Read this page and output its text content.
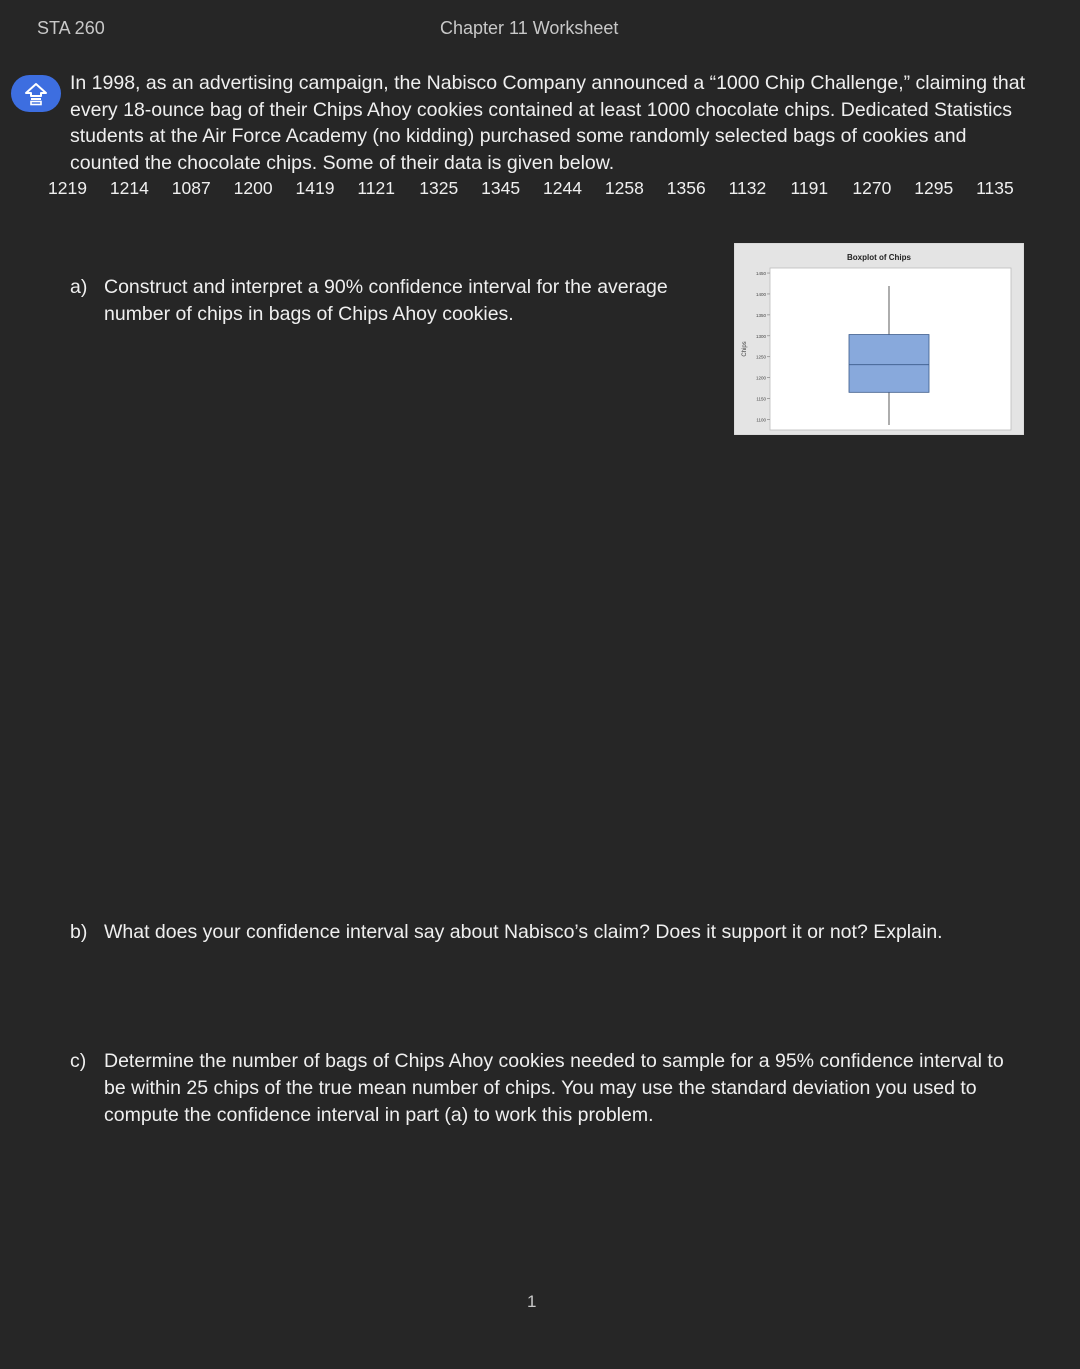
STA 260	Chapter 11 Worksheet
In 1998, as an advertising campaign, the Nabisco Company announced a “1000 Chip Challenge,” claiming that every 18-ounce bag of their Chips Ahoy cookies contained at least 1000 chocolate chips. Dedicated Statistics students at the Air Force Academy (no kidding) purchased some randomly selected bags of cookies and counted the chocolate chips. Some of their data is given below.
1219	1214	1087	1200	1419	1121	1325	1345	1244	1258	1356	1132	1191	1270	1295	1135
Boxplot of Chips
1450
1400
1350
1300
1250
1200
1150
1100
Chips
a) Construct and interpret a 90% confidence interval for the average number of chips in bags of Chips Ahoy cookies.
b) What does your confidence interval say about Nabisco’s claim? Does it support it or not? Explain.
c) Determine the number of bags of Chips Ahoy cookies needed to sample for a 95% confidence interval to be within 25 chips of the true mean number of chips. You may use the standard deviation you used to compute the confidence interval in part (a) to work this problem.
1
